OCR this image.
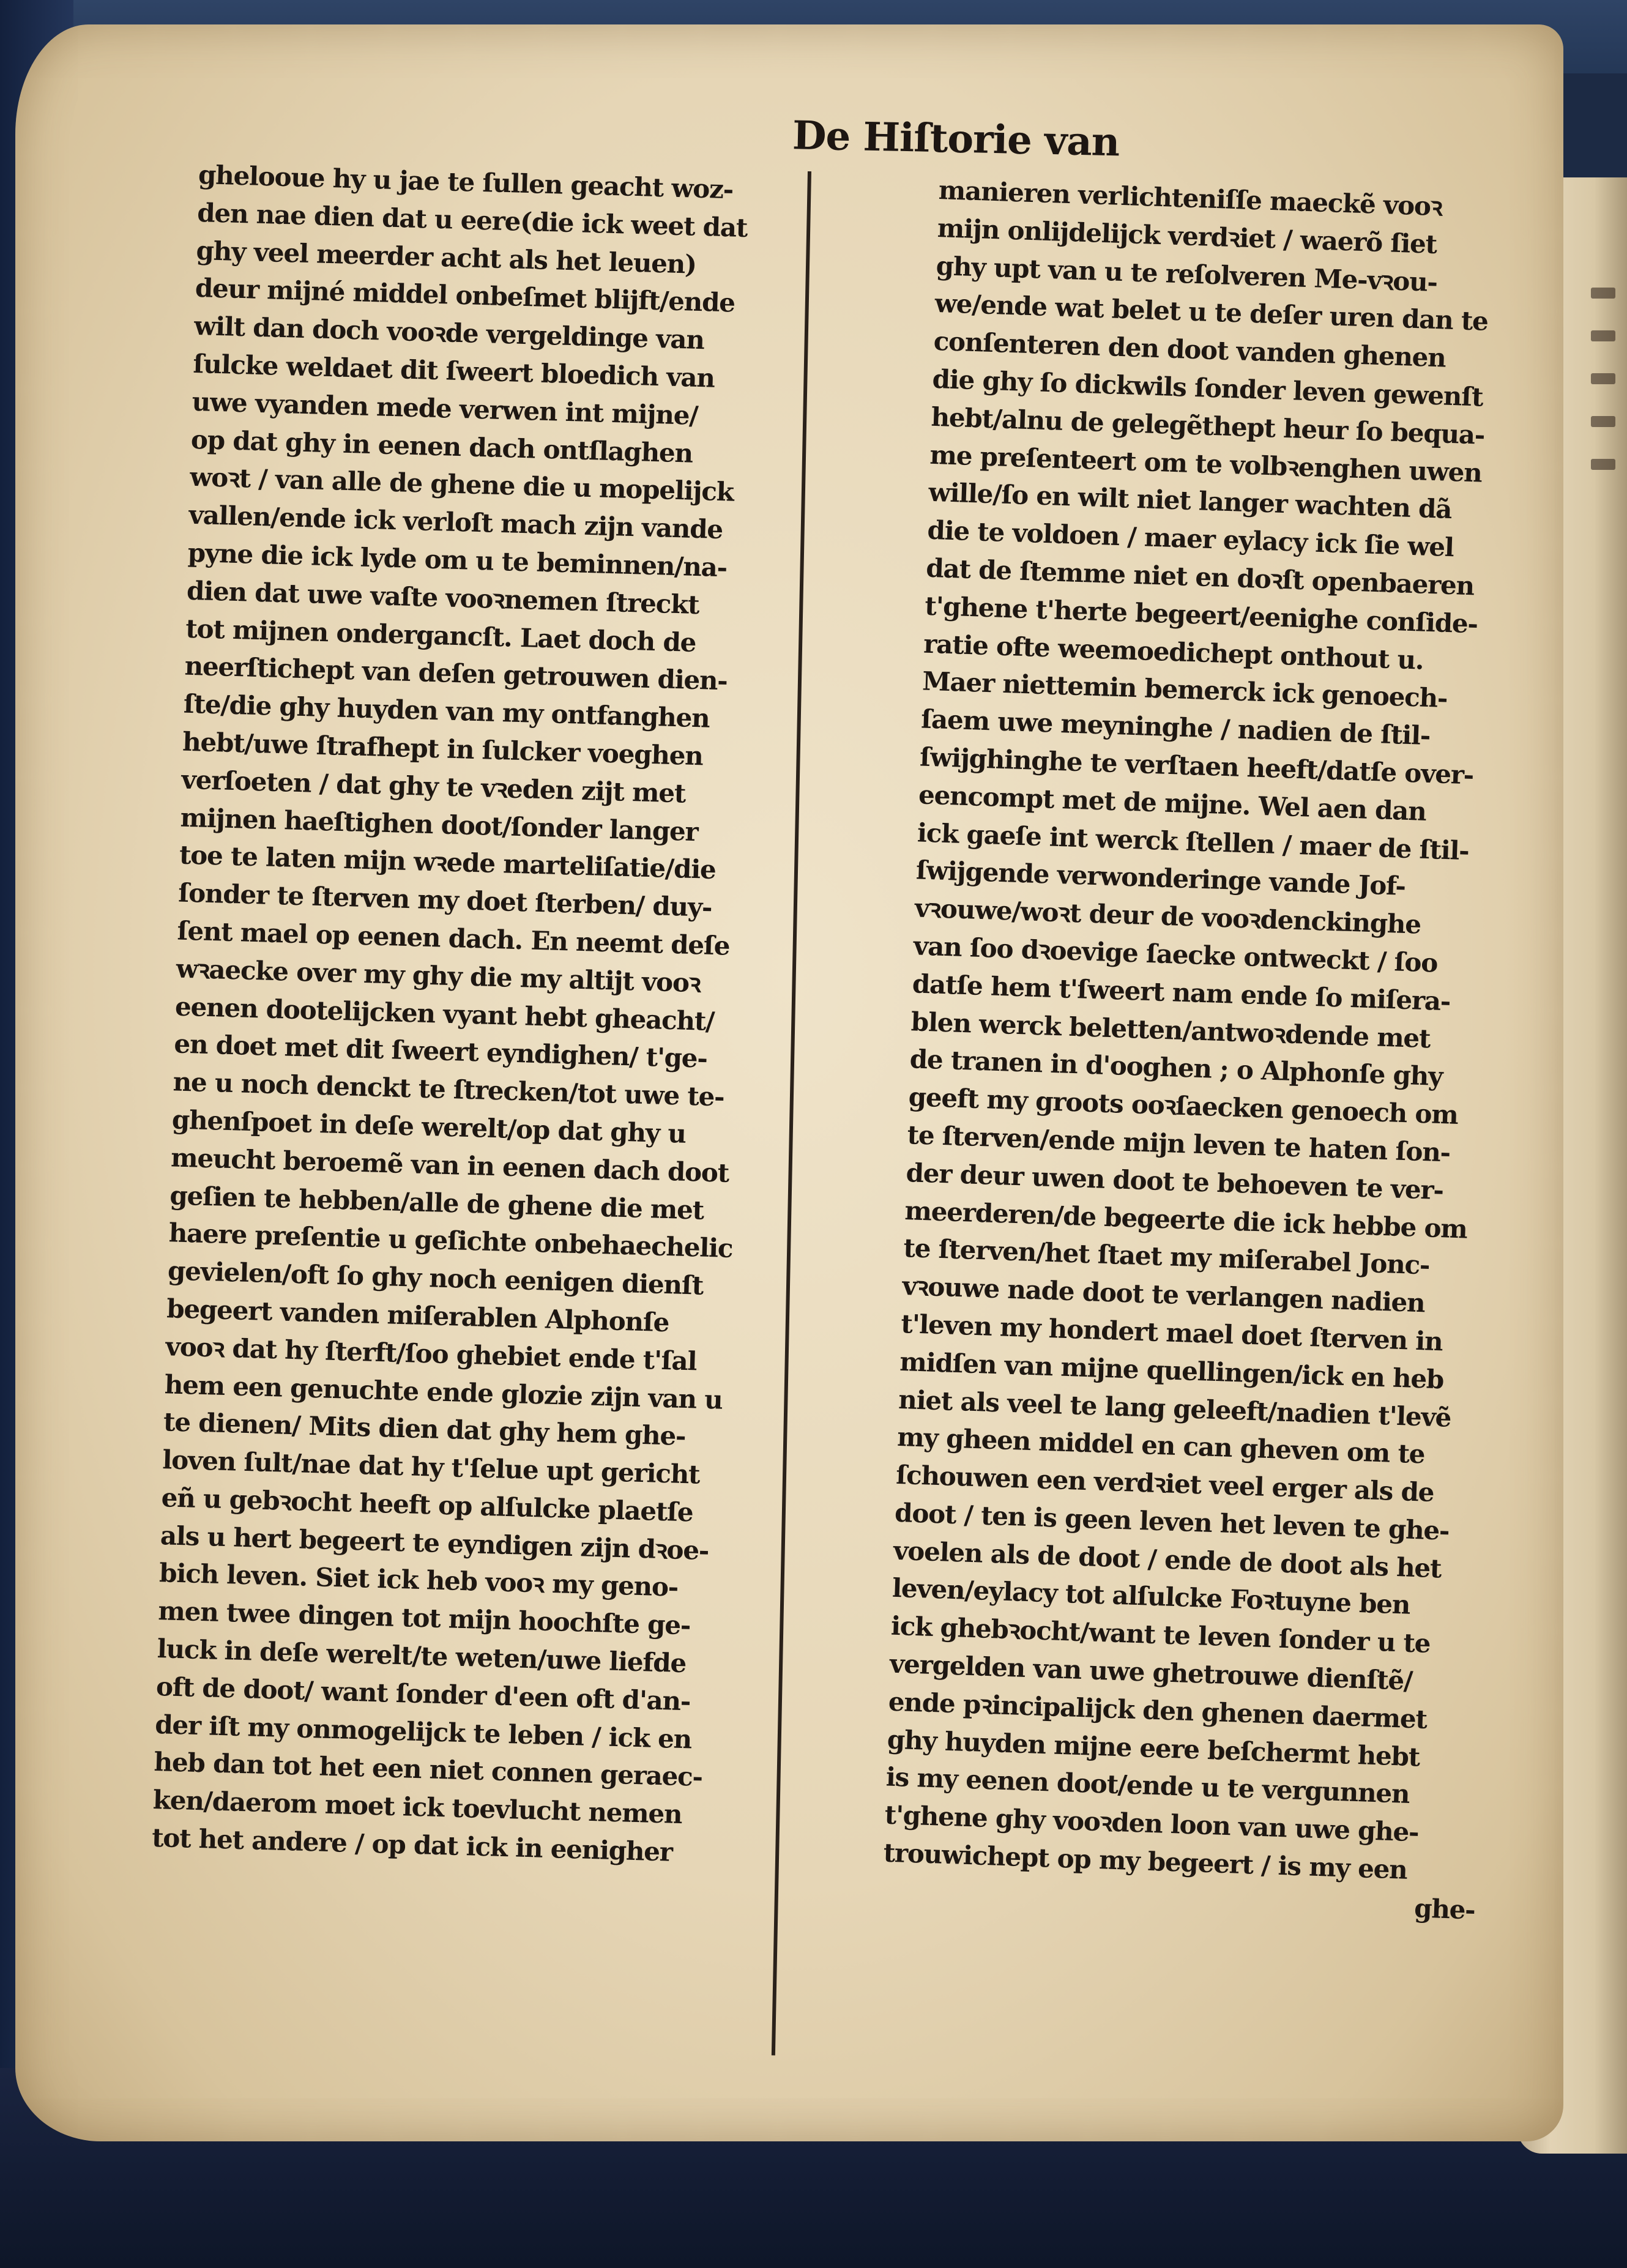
De Hiſtorie van
ghelooue hy u jae te ſullen geacht woz-
den nae dien dat u eere(die ick weet dat
ghy veel meerder acht als het leuen)
deur mijné middel onbeſmet blijft/ende
wilt dan doch vooꝛde vergeldinge van
ſulcke weldaet dit ſweert bloedich van
uwe vyanden mede verwen int mijne/
op dat ghy in eenen dach ontſlaghen
woꝛt / van alle de ghene die u mopelijck
vallen/ende ick verloſt mach zijn vande
pyne die ick lyde om u te beminnen/na-
dien dat uwe vaſte vooꝛnemen ſtreckt
tot mijnen ondergancſt. Laet doch de
neerſtichept van deſen getrouwen dien-
ſte/die ghy huyden van my ontfanghen
hebt/uwe ſtrafhept in ſulcker voeghen
verſoeten / dat ghy te vꝛeden zijt met
mijnen haeſtighen doot/ſonder langer
toe te laten mijn wꝛede marteliſatie/die
ſonder te ſterven my doet ſterben/ duy-
ſent mael op eenen dach. En neemt deſe
wꝛaecke over my ghy die my altijt vooꝛ
eenen dootelijcken vyant hebt gheacht/
en doet met dit ſweert eyndighen/ t'ge-
ne u noch denckt te ſtrecken/tot uwe te-
ghenſpoet in deſe werelt/op dat ghy u
meucht beroemẽ van in eenen dach doot
geſien te hebben/alle de ghene die met
haere preſentie u geſichte onbehaechelic
gevielen/oft ſo ghy noch eenigen dienſt
begeert vanden miſerablen Alphonſe
vooꝛ dat hy ſterft/ſoo ghebiet ende t'ſal
hem een genuchte ende glozie zijn van u
te dienen/ Mits dien dat ghy hem ghe-
loven ſult/nae dat hy t'ſelue upt gericht
eñ u gebꝛocht heeft op alſulcke plaetſe
als u hert begeert te eyndigen zijn dꝛoe-
bich leven. Siet ick heb vooꝛ my geno-
men twee dingen tot mijn hoochſte ge-
luck in deſe werelt/te weten/uwe liefde
oft de doot/ want ſonder d'een oft d'an-
der iſt my onmogelijck te leben / ick en
heb dan tot het een niet connen geraec-
ken/daerom moet ick toevlucht nemen
tot het andere / op dat ick in eenigher
manieren verlichteniſſe maeckẽ vooꝛ
mijn onlijdelijck verdꝛiet / waerõ ſiet
ghy upt van u te reſolveren Me-vꝛou-
we/ende wat belet u te deſer uren dan te
conſenteren den doot vanden ghenen
die ghy ſo dickwils ſonder leven gewenſt
hebt/alnu de gelegẽthept heur ſo bequa-
me preſenteert om te volbꝛenghen uwen
wille/ſo en wilt niet langer wachten dã
die te voldoen / maer eylacy ick ſie wel
dat de ſtemme niet en doꝛſt openbaeren
t'ghene t'herte begeert/eenighe conſide-
ratie ofte weemoedichept onthout u.
Maer niettemin bemerck ick genoech-
ſaem uwe meyninghe / nadien de ſtil-
ſwijghinghe te verſtaen heeft/datſe over-
eencompt met de mijne. Wel aen dan
ick gaeſe int werck ſtellen / maer de ſtil-
ſwijgende verwonderinge vande Jof-
vꝛouwe/woꝛt deur de vooꝛdenckinghe
van ſoo dꝛoevige ſaecke ontweckt / ſoo
datſe hem t'ſweert nam ende ſo miſera-
blen werck beletten/antwoꝛdende met
de tranen in d'ooghen ; o Alphonſe ghy
geeft my groots ooꝛſaecken genoech om
te ſterven/ende mijn leven te haten ſon-
der deur uwen doot te behoeven te ver-
meerderen/de begeerte die ick hebbe om
te ſterven/het ſtaet my miſerabel Jonc-
vꝛouwe nade doot te verlangen nadien
t'leven my hondert mael doet ſterven in
midſen van mijne quellingen/ick en heb
niet als veel te lang geleeft/nadien t'levẽ
my gheen middel en can gheven om te
ſchouwen een verdꝛiet veel erger als de
doot / ten is geen leven het leven te ghe-
voelen als de doot / ende de doot als het
leven/eylacy tot alſulcke Foꝛtuyne ben
ick ghebꝛocht/want te leven ſonder u te
vergelden van uwe ghetrouwe dienſtẽ/
ende pꝛincipalijck den ghenen daermet
ghy huyden mijne eere beſchermt hebt
is my eenen doot/ende u te vergunnen
t'ghene ghy vooꝛden loon van uwe ghe-
trouwichept op my begeert / is my een
ghe-
